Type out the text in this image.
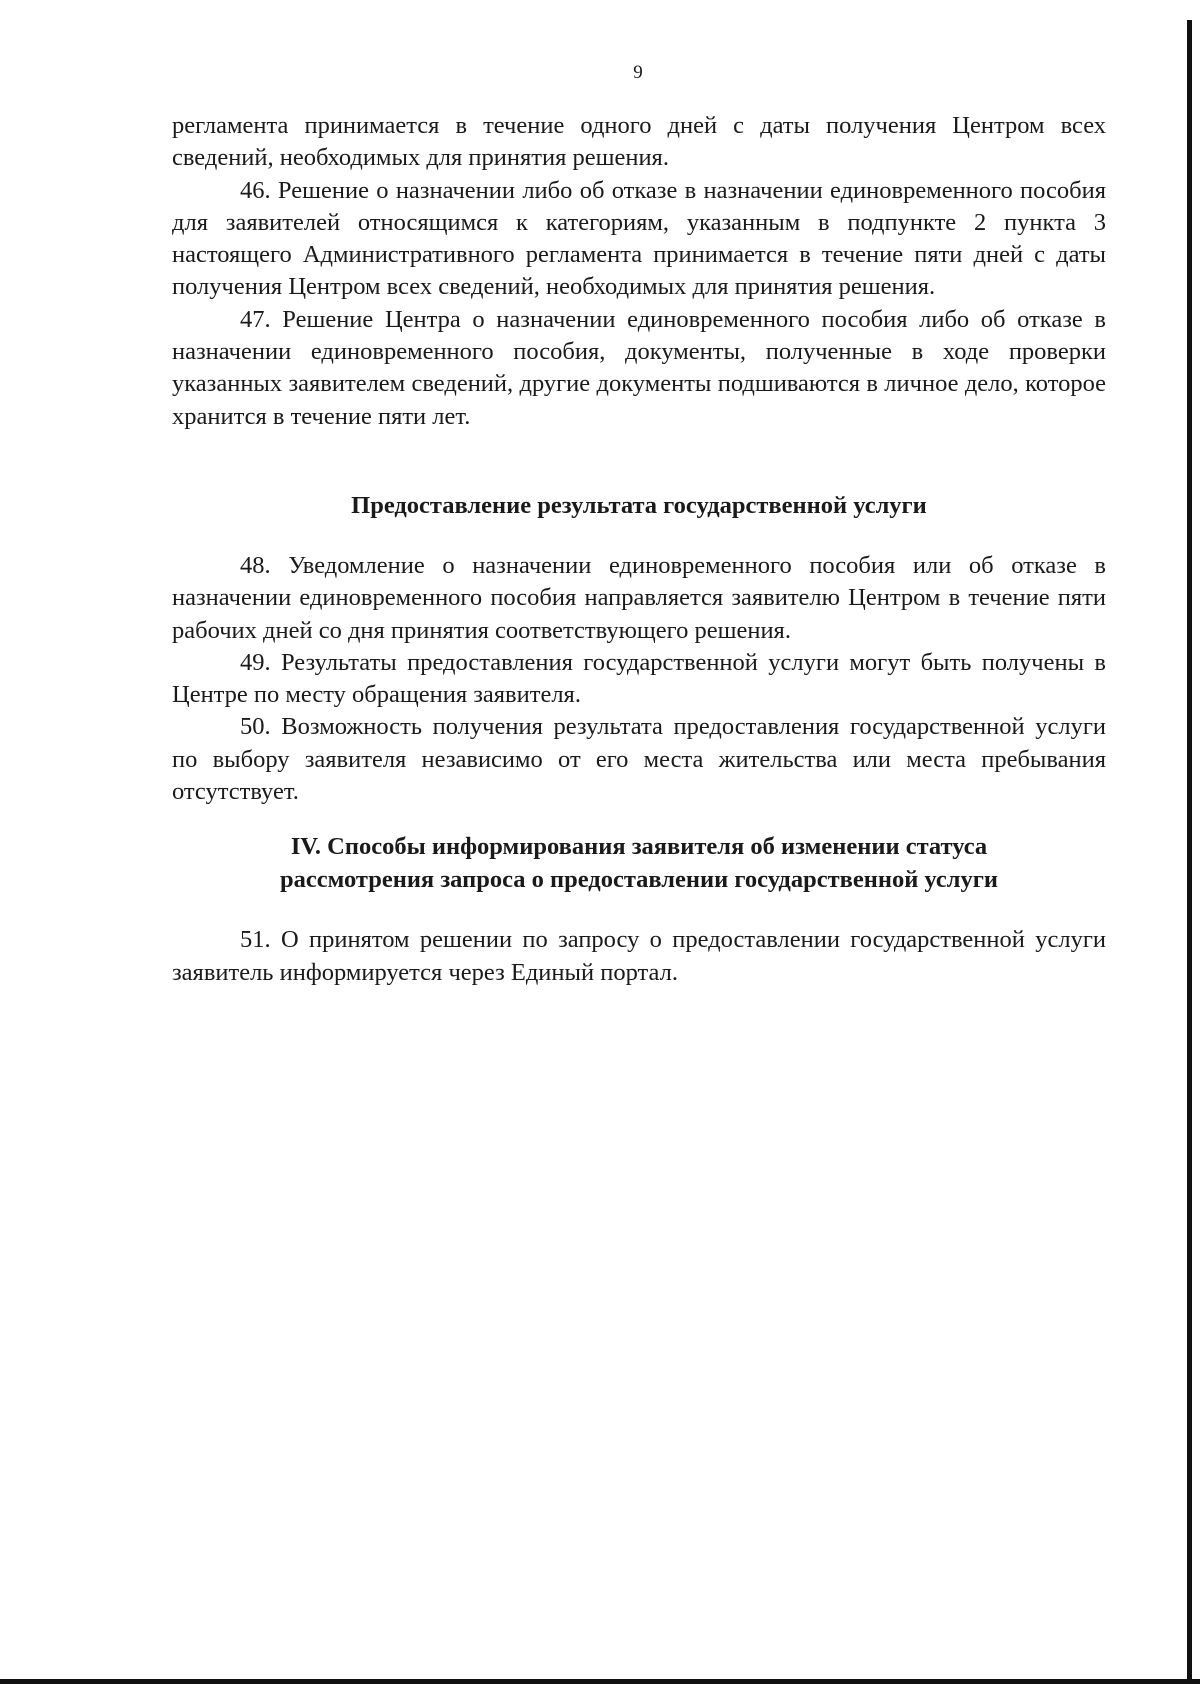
9

регламента принимается в течение одного дней с даты получения Центром всех сведений, необходимых для принятия решения.

46. Решение о назначении либо об отказе в назначении единовременного пособия для заявителей относящимся к категориям, указанным в подпункте 2 пункта 3 настоящего Административного регламента принимается в течение пяти дней с даты получения Центром всех сведений, необходимых для принятия решения.

47. Решение Центра о назначении единовременного пособия либо об отказе в назначении единовременного пособия, документы, полученные в ходе проверки указанных заявителем сведений, другие документы подшиваются в личное дело, которое хранится в течение пяти лет.

Предоставление результата государственной услуги

48. Уведомление о назначении единовременного пособия или об отказе в назначении единовременного пособия направляется заявителю Центром в течение пяти рабочих дней со дня принятия соответствующего решения.

49. Результаты предоставления государственной услуги могут быть получены в Центре по месту обращения заявителя.

50. Возможность получения результата предоставления государственной услуги по выбору заявителя независимо от его места жительства или места пребывания отсутствует.

IV. Способы информирования заявителя об изменении статуса
рассмотрения запроса о предоставлении государственной услуги

51. О принятом решении по запросу о предоставлении государственной услуги заявитель информируется через Единый портал.
